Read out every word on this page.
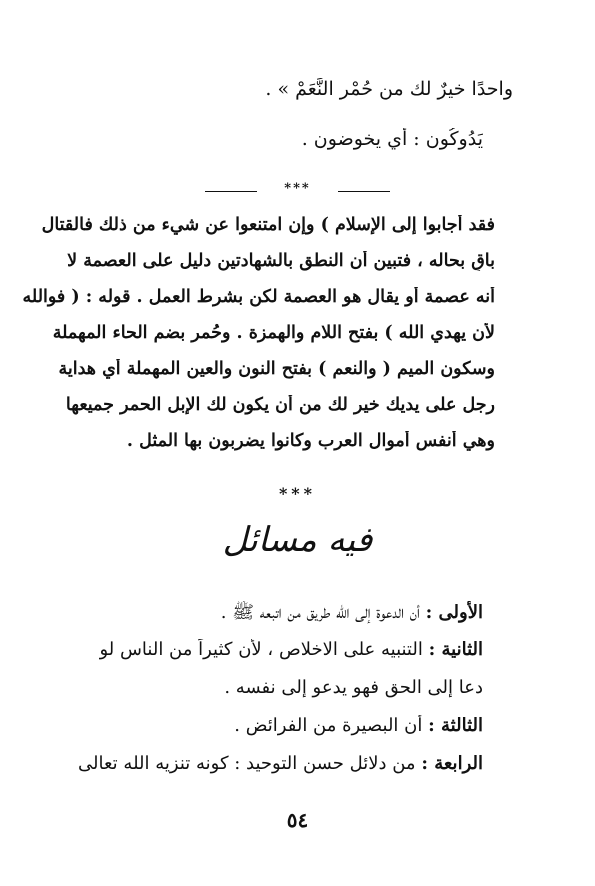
واحدًا خيرٌ لك من حُمْر النَّعَمْ » .
يَدُوكُون : أي يخوضون .
***
فقد أجابوا إلى الإسلام ) وإن امتنعوا عن شيء من ذلك فالقتال
باقٍ بحاله ، فتبين أن النطق بالشهادتين دليل على العصمة لا
أنه عصمة أو يقال هو العصمة لكن بشرط العمل . قوله : ( فوالله
لأن يهدي الله ) بفتح اللام والهمزة . وحُمر بضم الحاء المهملة
وسكون الميم ( والنعم ) بفتح النون والعين المهملة أي هداية
رجل على يديك خير لك من أن يكون لك الإبل الحمر جميعها
وهي أنفس أموال العرب وكانوا يضربون بها المثل .
***
فيه مسائل
الأولى : أن الدعوة إلى الله طريق من اتبعه ﷺ .
الثانية : التنبيه على الاخلاص ، لأن كثيراً من الناس لو
دعا إلى الحق فهو يدعو إلى نفسه .
الثالثة : أن البصيرة من الفرائض .
الرابعة : من دلائل حسن التوحيد : كونه تنزيه الله تعالى
٥٤
